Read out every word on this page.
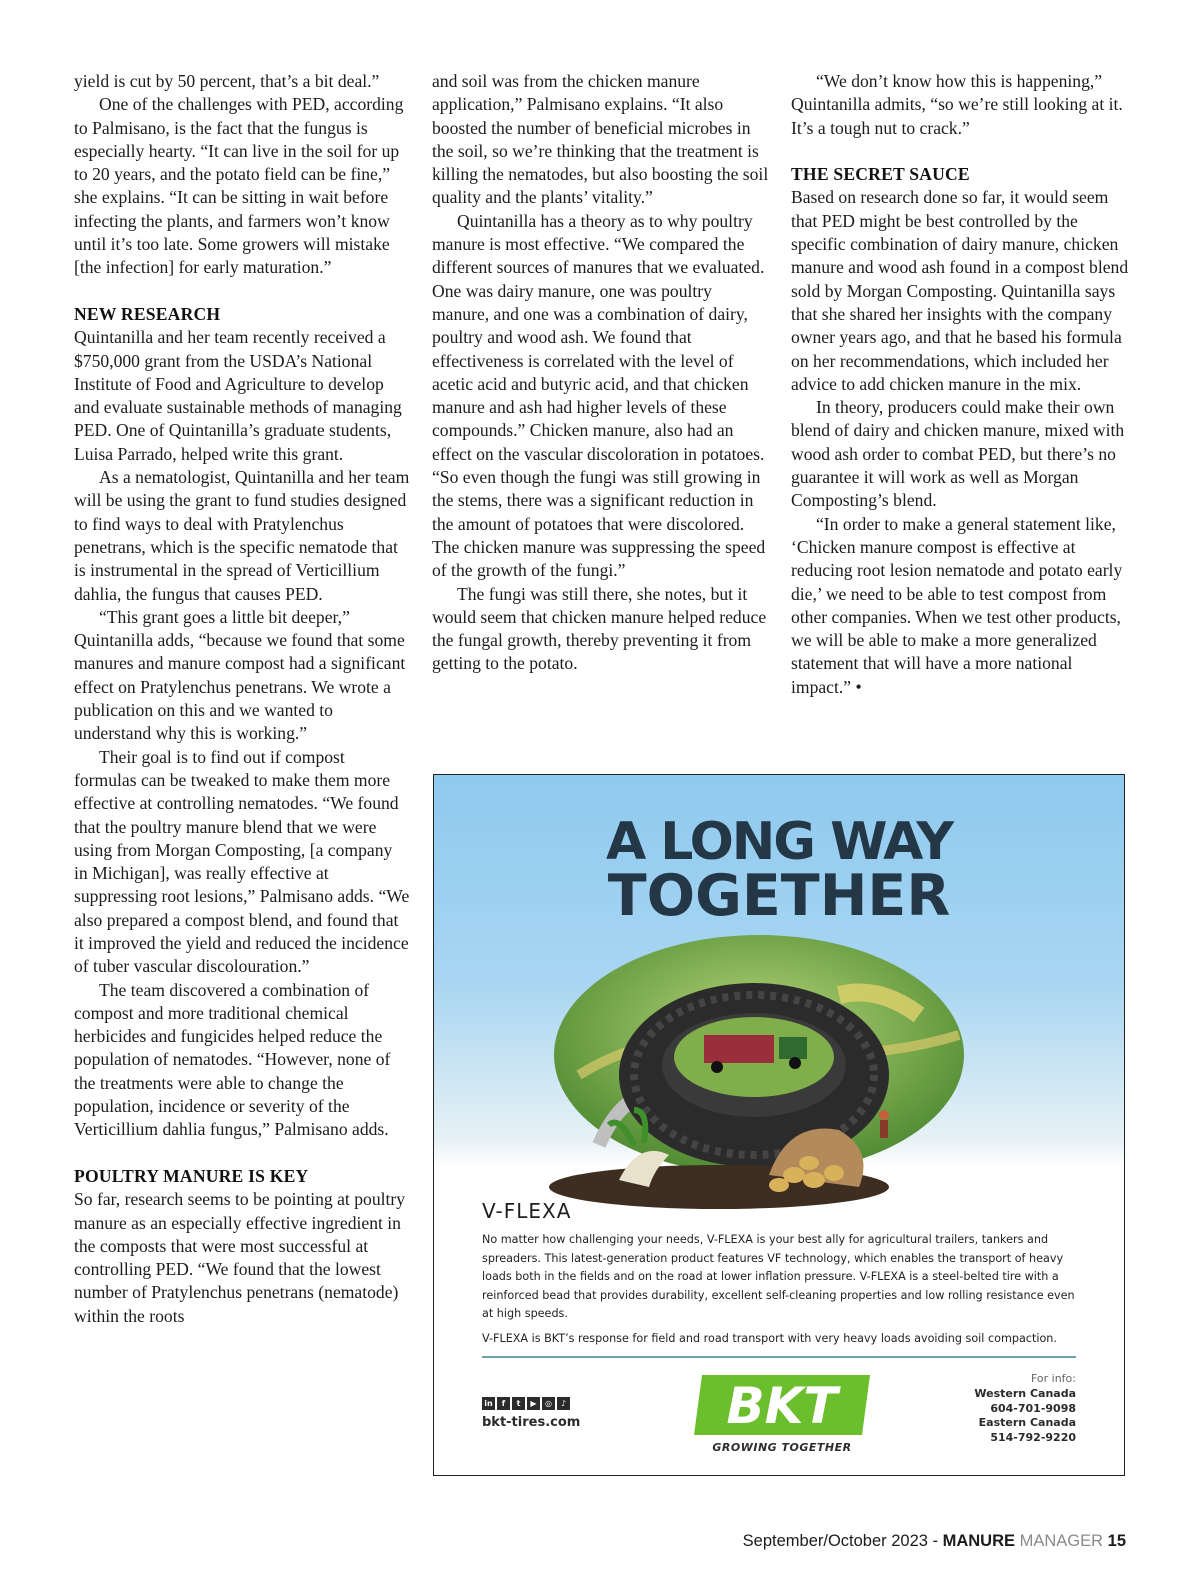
yield is cut by 50 percent, that’s a bit deal.”

One of the challenges with PED, according to Palmisano, is the fact that the fungus is especially hearty. “It can live in the soil for up to 20 years, and the potato field can be fine,” she explains. “It can be sitting in wait before infecting the plants, and farmers won’t know until it’s too late. Some growers will mistake [the infection] for early maturation.”

NEW RESEARCH

Quintanilla and her team recently received a $750,000 grant from the USDA’s National Institute of Food and Agriculture to develop and evaluate sustainable methods of managing PED. One of Quintanilla’s graduate students, Luisa Parrado, helped write this grant.

As a nematologist, Quintanilla and her team will be using the grant to fund studies designed to find ways to deal with Pratylenchus penetrans, which is the specific nematode that is instrumental in the spread of Verticillium dahlia, the fungus that causes PED.

“This grant goes a little bit deeper,” Quintanilla adds, “because we found that some manures and manure compost had a significant effect on Pratylenchus penetrans. We wrote a publication on this and we wanted to understand why this is working.”

Their goal is to find out if compost formulas can be tweaked to make them more effective at controlling nematodes. “We found that the poultry manure blend that we were using from Morgan Composting, [a company in Michigan], was really effective at suppressing root lesions,” Palmisano adds. “We also prepared a compost blend, and found that it improved the yield and reduced the incidence of tuber vascular discolouration.”

The team discovered a combination of compost and more traditional chemical herbicides and fungicides helped reduce the population of nematodes. “However, none of the treatments were able to change the population, incidence or severity of the Verticillium dahlia fungus,” Palmisano adds.

POULTRY MANURE IS KEY

So far, research seems to be pointing at poultry manure as an especially effective ingredient in the composts that were most successful at controlling PED. “We found that the lowest number of Pratylenchus penetrans (nematode) within the roots

and soil was from the chicken manure application,” Palmisano explains. “It also boosted the number of beneficial microbes in the soil, so we’re thinking that the treatment is killing the nematodes, but also boosting the soil quality and the plants’ vitality.”

Quintanilla has a theory as to why poultry manure is most effective. “We compared the different sources of manures that we evaluated. One was dairy manure, one was poultry manure, and one was a combination of dairy, poultry and wood ash. We found that effectiveness is correlated with the level of acetic acid and butyric acid, and that chicken manure and ash had higher levels of these compounds.” Chicken manure, also had an effect on the vascular discoloration in potatoes. “So even though the fungi was still growing in the stems, there was a significant reduction in the amount of potatoes that were discolored. The chicken manure was suppressing the speed of the growth of the fungi.”

The fungi was still there, she notes, but it would seem that chicken manure helped reduce the fungal growth, thereby preventing it from getting to the potato.

“We don’t know how this is happening,” Quintanilla admits, “so we’re still looking at it. It’s a tough nut to crack.”

THE SECRET SAUCE

Based on research done so far, it would seem that PED might be best controlled by the specific combination of dairy manure, chicken manure and wood ash found in a compost blend sold by Morgan Composting. Quintanilla says that she shared her insights with the company owner years ago, and that he based his formula on her recommendations, which included her advice to add chicken manure in the mix.

In theory, producers could make their own blend of dairy and chicken manure, mixed with wood ash order to combat PED, but there’s no guarantee it will work as well as Morgan Composting’s blend.

“In order to make a general statement like, ‘Chicken manure compost is effective at reducing root lesion nematode and potato early die,’ we need to be able to test compost from other companies. When we test other products, we will be able to make a more generalized statement that will have a more national impact.” •

A LONG WAY
TOGETHER
V-FLEXA

No matter how challenging your needs, V-FLEXA is your best ally for agricultural trailers, tankers and spreaders. This latest-generation product features VF technology, which enables the transport of heavy loads both in the fields and on the road at lower inflation pressure. V-FLEXA is a steel-belted tire with a reinforced bead that provides durability, excellent self-cleaning properties and low rolling resistance even at high speeds.

V-FLEXA is BKT’s response for field and road transport with very heavy loads avoiding soil compaction.

in	f	t	▶	◎	♪
bkt-tires.com	BKT
GROWING TOGETHER
For info:
Western Canada
604-701-9098
Eastern Canada
514-792-9220
September/October 2023 - MANURE MANAGER 15
